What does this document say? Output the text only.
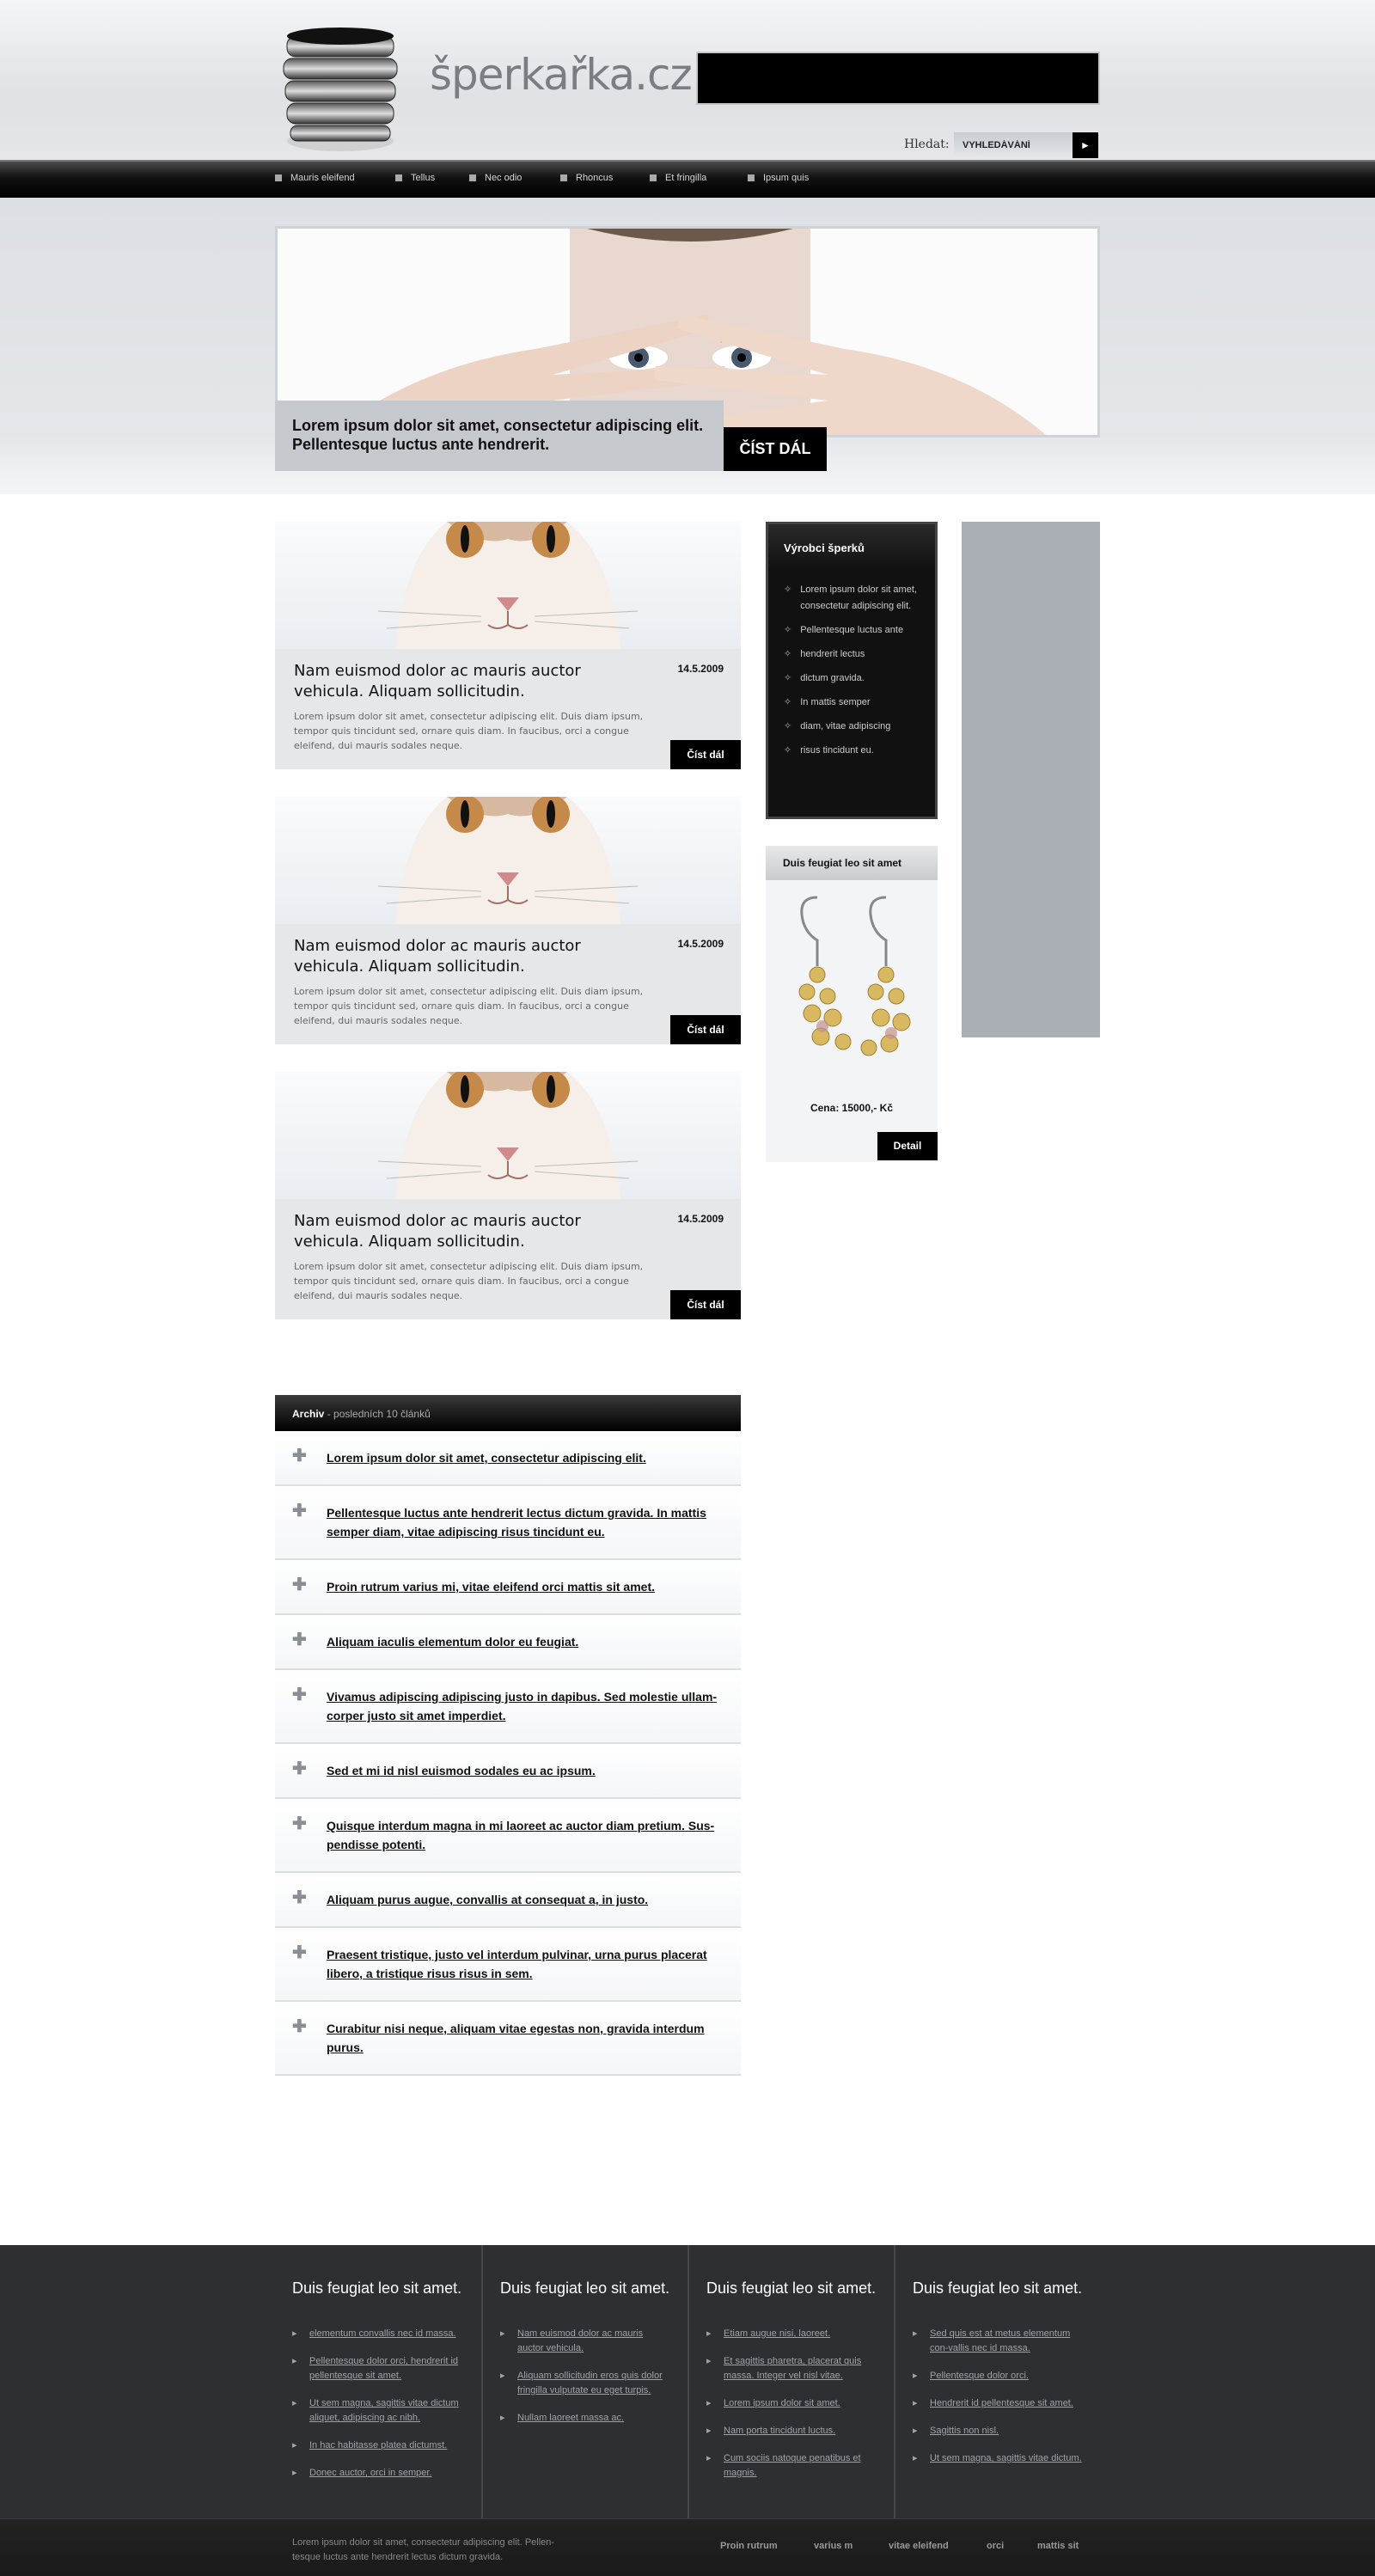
šperkařka.cz
Hledat:
VYHLEDÁVÁNÍ	►
Mauris eleifend	Tellus	Nec odio	Rhoncus	Et fringilla	Ipsum quis

Lorem ipsum dolor sit amet, consectetur adipiscing elit. Pellentesque luctus ante hendrerit.	ČÍST DÁL
Nam euismod dolor ac mauris auctor vehicula. Aliquam sollicitudin.
14.5.2009
Lorem ipsum dolor sit amet, consectetur adipiscing elit. Duis diam ipsum, tempor quis tincidunt sed, ornare quis diam. In faucibus, orci a congue eleifend, dui mauris sodales neque.
Číst dál
Nam euismod dolor ac mauris auctor vehicula. Aliquam sollicitudin.
14.5.2009
Lorem ipsum dolor sit amet, consectetur adipiscing elit. Duis diam ipsum, tempor quis tincidunt sed, ornare quis diam. In faucibus, orci a congue eleifend, dui mauris sodales neque.
Číst dál
Nam euismod dolor ac mauris auctor vehicula. Aliquam sollicitudin.
14.5.2009
Lorem ipsum dolor sit amet, consectetur adipiscing elit. Duis diam ipsum, tempor quis tincidunt sed, ornare quis diam. In faucibus, orci a congue eleifend, dui mauris sodales neque.
Číst dál
Výrobci šperků
✧ Lorem ipsum dolor sit amet, consectetur adipiscing elit.
✧ Pellentesque luctus ante
✧ hendrerit lectus
✧ dictum gravida.
✧ In mattis semper
✧ diam, vitae adipiscing
✧ risus tincidunt eu.
Duis feugiat leo sit amet
Cena: 15000,- Kč
Detail
Archiv - posledních 10 článků
✚ Lorem ipsum dolor sit amet, consectetur adipiscing elit.
✚ Pellentesque luctus ante hendrerit lectus dictum gravida. In mattis semper diam, vitae adipiscing risus tincidunt eu.
✚ Proin rutrum varius mi, vitae eleifend orci mattis sit amet.
✚ Aliquam iaculis elementum dolor eu feugiat.
✚ Vivamus adipiscing adipiscing justo in dapibus. Sed molestie ullam-corper justo sit amet imperdiet.
✚ Sed et mi id nisl euismod sodales eu ac ipsum.
✚ Quisque interdum magna in mi laoreet ac auctor diam pretium. Sus-pendisse potenti.
✚ Aliquam purus augue, convallis at consequat a, in justo.
✚ Praesent tristique, justo vel interdum pulvinar, urna purus placerat libero, a tristique risus risus in sem.
✚ Curabitur nisi neque, aliquam vitae egestas non, gravida interdum purus.
Duis feugiat leo sit amet.
▸ elementum convallis nec id massa.
▸ Pellentesque dolor orci, hendrerit id pellentesque sit amet.
▸ Ut sem magna, sagittis vitae dictum aliquet, adipiscing ac nibh.
▸ In hac habitasse platea dictumst.
▸ Donec auctor, orci in semper.
Duis feugiat leo sit amet.
▸ Nam euismod dolor ac mauris auctor vehicula.
▸ Aliquam sollicitudin eros quis dolor fringilla vulputate eu eget turpis.
▸ Nullam laoreet massa ac.
Duis feugiat leo sit amet.
▸ Etiam augue nisi, laoreet.
▸ Et sagittis pharetra, placerat quis massa. Integer vel nisl vitae.
▸ Lorem ipsum dolor sit amet.
▸ Nam porta tincidunt luctus.
▸ Cum sociis natoque penatibus et magnis.
Duis feugiat leo sit amet.
▸ Sed quis est at metus elementum con-vallis nec id massa.
▸ Pellentesque dolor orci.
▸ Hendrerit id pellentesque sit amet.
▸ Sagittis non nisl.
▸ Ut sem magna, sagittis vitae dictum.
Lorem ipsum dolor sit amet, consectetur adipiscing elit. Pellen-tesque luctus ante hendrerit lectus dictum gravida.
Proin rutrum	varius m	vitae eleifend	orci	mattis sit
